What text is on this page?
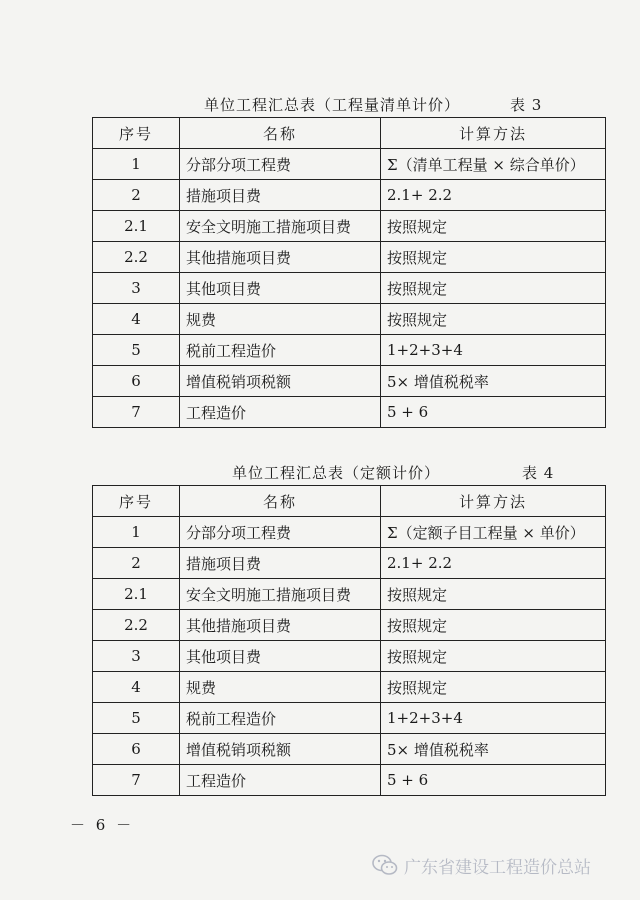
单位工程汇总表（工程量清单计价）	表 3
序号	名称	计算方法
1	分部分项工程费	Σ（清单工程量 × 综合单价）
2	措施项目费	2.1+ 2.2
2.1	安全文明施工措施项目费	按照规定
2.2	其他措施项目费	按照规定
3	其他项目费	按照规定
4	规费	按照规定
5	税前工程造价	1+2+3+4
6	增值税销项税额	5× 增值税税率
7	工程造价	5 + 6
单位工程汇总表（定额计价）	表 4
序号	名称	计算方法
1	分部分项工程费	Σ（定额子目工程量 × 单价）
2	措施项目费	2.1+ 2.2
2.1	安全文明施工措施项目费	按照规定
2.2	其他措施项目费	按照规定
3	其他项目费	按照规定
4	规费	按照规定
5	税前工程造价	1+2+3+4
6	增值税销项税额	5× 增值税税率
7	工程造价	5 + 6
－ 6 －
广东省建设工程造价总站
